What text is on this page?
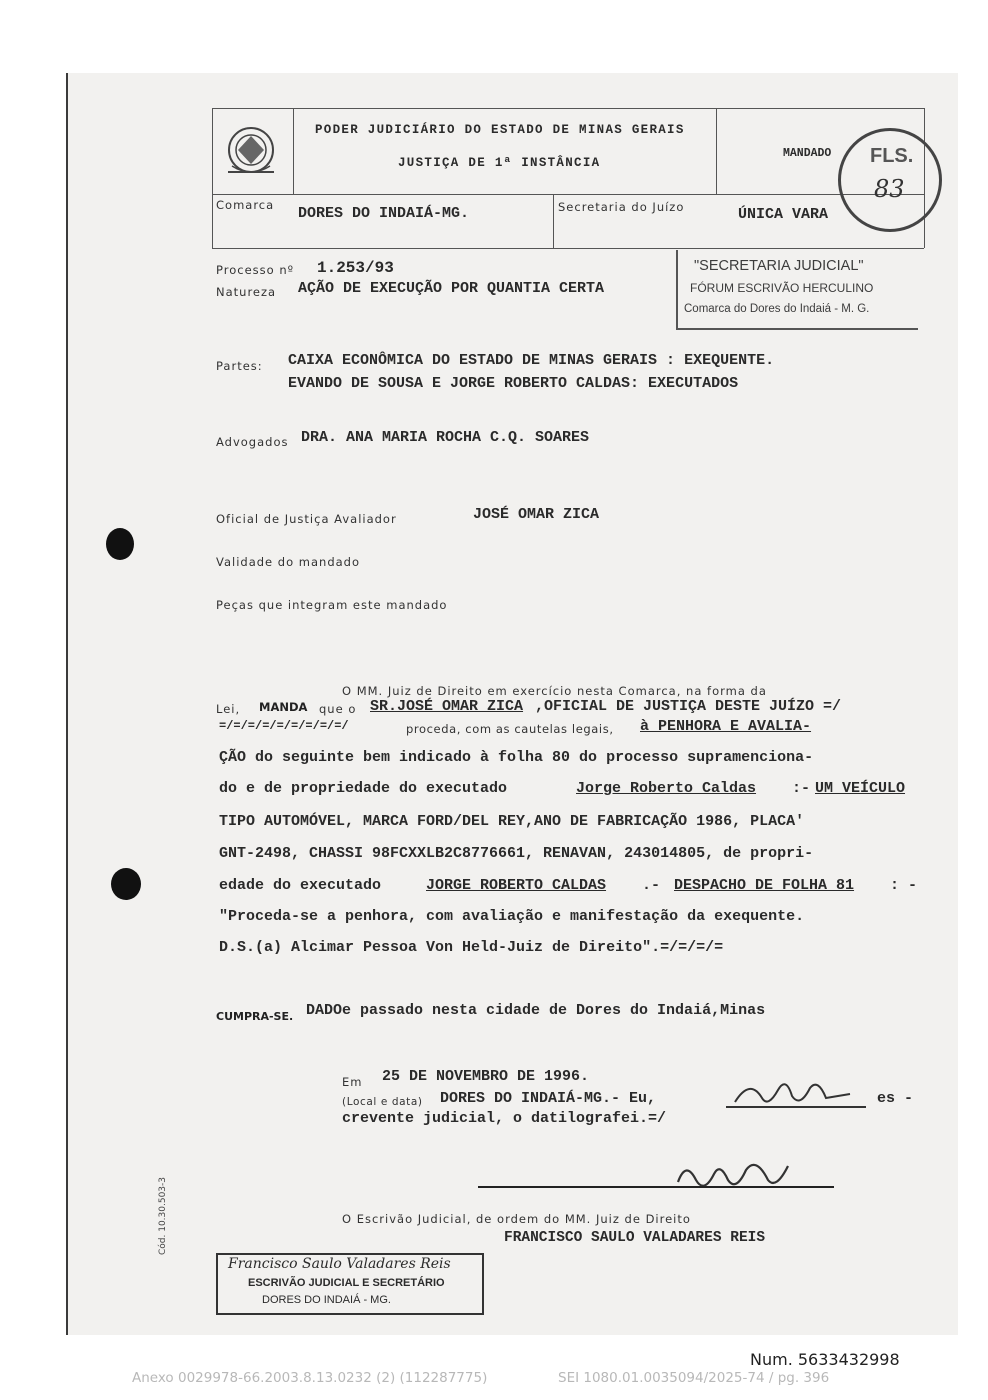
PODER JUDICIÁRIO DO ESTADO DE MINAS GERAIS
JUSTIÇA DE 1ª INSTÂNCIA
MANDADO FLS.
83
Comarca DORES DO INDAIÁ-MG.	Secretaria do Juízo	ÚNICA VARA
Processo nº 1.253/93
Natureza AÇÃO DE EXECUÇÃO POR QUANTIA CERTA
"SECRETARIA JUDICIAL"
FÓRUM ESCRIVÃO HERCULINO
Comarca do Dores do Indaiá - M. G.
Partes: CAIXA ECONÔMICA DO ESTADO DE MINAS GERAIS : EXEQUENTE.
EVANDO DE SOUSA E JORGE ROBERTO CALDAS: EXECUTADOS
Advogados DRA. ANA MARIA ROCHA C.Q. SOARES
Oficial de Justiça Avaliador	JOSÉ OMAR ZICA
Validade do mandado
Peças que integram este mandado
O MM. Juiz de Direito em exercício nesta Comarca, na forma da
Lei, MANDA que o SR.JOSÉ OMAR ZICA ,OFICIAL DE JUSTIÇA DESTE JUÍZO =/
=/=/=/=/=/=/=/=/=/	proceda, com as cautelas legais, à PENHORA E AVALIA-
ÇÃO do seguinte bem indicado à folha 80 do processo supramenciona-
do e de propriedade do executado	Jorge Roberto Caldas :- UM VEÍCULO
TIPO AUTOMÓVEL, MARCA FORD/DEL REY,ANO DE FABRICAÇÃO 1986, PLACA'
GNT-2498, CHASSI 98FCXXLB2C8776661, RENAVAN, 243014805, de propri-
edade do executado	JORGE ROBERTO CALDAS .- DESPACHO DE FOLHA 81 : -
"Proceda-se a penhora, com avaliação e manifestação da exequente.
D.S.(a) Alcimar Pessoa Von Held-Juiz de Direito".=/=/=/=
CUMPRA-SE. DADOe passado nesta cidade de Dores do Indaiá,Minas
Em 25 DE NOVEMBRO DE 1996.
(Local e data) DORES DO INDAIÁ-MG.- Eu,	es -
crevente judicial, o datilografei.=/
O Escrivão Judicial, de ordem do MM. Juiz de Direito
FRANCISCO SAULO VALADARES REIS
Cód. 10.30.503-3
Francisco Saulo Valadares Reis
ESCRIVÃO JUDICIAL E SECRETÁRIO
DORES DO INDAIÁ - MG.
Num. 5633432998
Anexo 0029978-66.2003.8.13.0232 (2) (112287775)	SEI 1080.01.0035094/2025-74 / pg. 396
